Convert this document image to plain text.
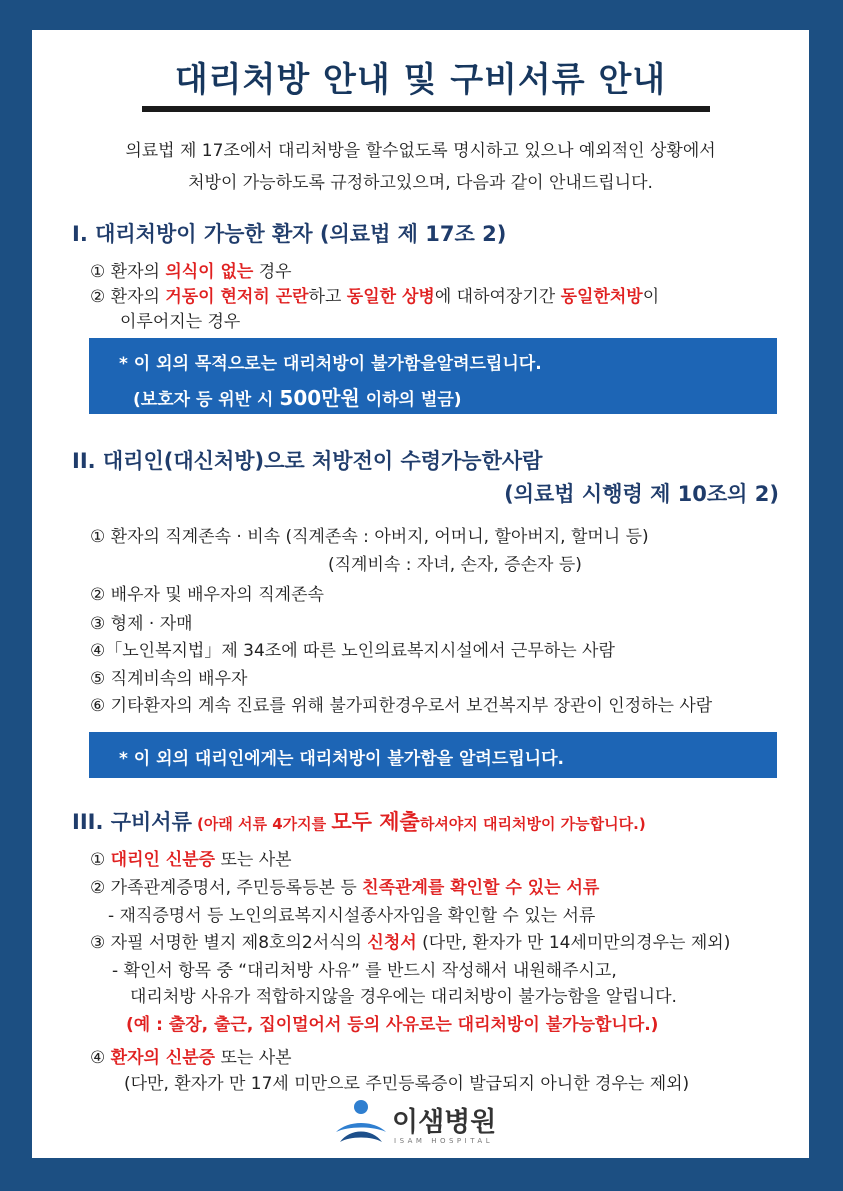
대리처방 안내 및 구비서류 안내
의료법 제 17조에서 대리처방을 할수없도록 명시하고 있으나 예외적인 상황에서
처방이 가능하도록 규정하고있으며, 다음과 같이 안내드립니다.
I. 대리처방이 가능한 환자 (의료법 제 17조 2)
① 환자의 의식이 없는 경우
② 환자의 거동이 현저히 곤란하고 동일한 상병에 대하여장기간 동일한처방이
이루어지는 경우
* 이 외의 목적으로는 대리처방이 불가함을알려드립니다.
(보호자 등 위반 시 500만원 이하의 벌금)
II. 대리인(대신처방)으로 처방전이 수령가능한사람
(의료법 시행령 제 10조의 2)
① 환자의 직계존속 · 비속 (직계존속 : 아버지, 어머니, 할아버지, 할머니 등)
(직계비속 : 자녀, 손자, 증손자 등)
② 배우자 및 배우자의 직계존속
③ 형제 · 자매
④「노인복지법」제 34조에 따른 노인의료복지시설에서 근무하는 사람
⑤ 직계비속의 배우자
⑥ 기타환자의 계속 진료를 위해 불가피한경우로서 보건복지부 장관이 인정하는 사람
* 이 외의 대리인에게는 대리처방이 불가함을 알려드립니다.
III. 구비서류 (아래 서류 4가지를 모두 제출하셔야지 대리처방이 가능합니다.)
① 대리인 신분증 또는 사본
② 가족관계증명서, 주민등록등본 등 친족관계를 확인할 수 있는 서류
- 재직증명서 등 노인의료복지시설종사자임을 확인할 수 있는 서류
③ 자필 서명한 별지 제8호의2서식의 신청서 (다만, 환자가 만 14세미만의경우는 제외)
- 확인서 항목 중 “대리처방 사유” 를 반드시 작성해서 내원해주시고,
대리처방 사유가 적합하지않을 경우에는 대리처방이 불가능함을 알립니다.
(예 : 출장, 출근, 집이멀어서 등의 사유로는 대리처방이 불가능합니다.)
④ 환자의 신분증 또는 사본
(다만, 환자가 만 17세 미만으로 주민등록증이 발급되지 아니한 경우는 제외)
이샘병원
ISAM HOSPITAL
